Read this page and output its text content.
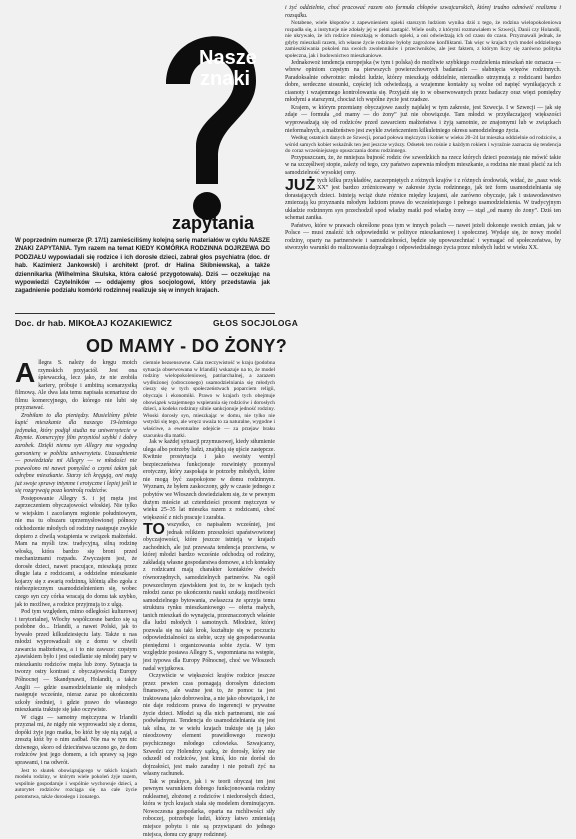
Nasze znaki
zapytania

W poprzednim numerze (P. 17/1) zamieściliśmy kolejną serię materiałów w cyklu NASZE ZNAKI ZAPYTANIA. Tym razem na temat KIEDY KOMÓRKA RODZINNA DOJRZEWA DO PODZIAŁU wypowiadali się rodzice i ich dorosłe dzieci, zabrał głos psychiatra (doc. dr hab. Kazimierz Jankowski) i architekt (prof. dr Halina Skibniewska), a także dziennikarka (Wilhelmina Skulska, która całość przygotowała). Dziś — oczekując na wypowiedzi Czytelników — oddajemy głos socjologowi, który przedstawia jak zagadnienie podziału komórki rodzinnej realizuje się w innych krajach.

Doc. dr hab. MIKOŁAJ KOZAKIEWICZ	GŁOS SOCJOLOGA
OD MAMY - DO ŻONY?

Allegra S. należy do kręgu moich rzymskich przyjaciół. Jest ona śpiewaczką, lecz jako, że nie zrobiła kariery, próbuje i ambitną scenarzystką filmową. Ale dwa lata temu napisała scenariusz do filmu komercyjnego, do którego nie lubi się przyznawać.

Zrobiłam to dla pieniędzy. Musieliśmy pilnie kupić mieszkanie dla naszego 19-letniego jedynaka, który podjął studia na uniwersytecie w Rzymie. Komercyjny film przyniósł szybki i dobry zarobek. Dzięki niemu syn Allegry ma wygodną garsonierę w pobliżu uniwersytetu. Uzasadnienie — powiedziała mi Allegry — w młodości nie pozwolono mi nawet pomyśleć o czymś takim jak odrębne mieszkanie. Starzy ich kręgują, oni mają już swoje sprawy intymne i erotyczne i lepiej jeśli te się rozgrywają poza kontrolą rodziców.

Postępowanie Allegry S. i jej męża jest zaprzeczeniem obyczajowości włoskiej. Nie tylko w wiejskim i zacofanym regionie południowym, nie ma tu obszaru uprzemysłowionej północy odchodzenie młodych od rodziny następuje zwykle dopiero z chwilą wstąpienia w związek małżeński. Mam na myśli tzw. tradycyjną, silną rodzinę włoską, która bardzo się broni przed mechanizmami rozpadu. Zwyczajem jest, że dorosłe dzieci, nawet pracujące, mieszkają przez długie lata z rodzicami, a oddzielne mieszkanie kojarzy się z awarią rodzinną, kłótnią albo zgoła z niebezpiecznym usamodzielnieniem się, wobec czego syn czy córka wracają do domu tak szybko, jak to możliwe, a rodzice przyjmują to z ulgą.

Pod tym względem, mimo odległości kulturowej i terytorialnej, Włochy współczesne bardzo się są podobne do... Irlandii, a nawet Polski, jak to bywało przed kilkudziesięciu laty. Także u nas młodzi wyprowadzali się z domu w chwili zawarcia małżeństwa, a i to nie zawsze: częstym zjawiskiem było i jest osiedlanie się młodej pary w mieszkaniu rodziców męża lub żony. Sytuacja ta tworzy ostry kontrast z obyczajowością Europy Północnej — Skandynawii, Holandii, a także Anglii — gdzie usamodzielnianie się młodych następuje wcześnie, nieraz zaraz po ukończeniu szkoły średniej, i gdzie prawo do własnego mieszkania traktuje się jako oczywiste.

W ciągu — samotny mężczyzna w Irlandii przyznał mi, że nigdy nie wyprowadzi się z domu, dopóki żyje jego matka, bo któż by się nią zajął, a zresztą któż by o nim zadbał. Nie ma w tym nic dziwnego, skoro od dzieciństwa uczono go, że dom rodziców jest jego domem, a ich sprawy są jego sprawami, i na odwrót.

Jest to skutek obowiązującego w takich krajach modelu rodziny, w którym wiele pokoleń żyje razem, wspólnie gospodaruje i wspólnie wychowuje dzieci, a autorytet rodziców rozciąga się na całe życie potomstwa, także dorosłego i żonatego.

ciemnie bezsensowne. Cała rzeczywistość w kraju (podobna sytuacja obserwowana w Irlandii) wskazuje na to, że model rodziny wielopokoleniowej, patriarchalnej, a zarazem wydłużonej (odroczonego) usamodzielniania się młodych cieszy się w tych społeczeństwach poparciem religii, obyczaju i ekonomiki. Prawo w krajach tych obejmuje obowiązek wzajemnego wspierania się rodziców i dorosłych dzieci, a kodeks rodzinny silnie sankcjonuje jedność rodziny. Włoski dorosły syn, mieszkając w domu, nie tylko nie wstydzi się tego, ale wręcz uważa to za naturalne, wygodne i właściwe, a ewentualne odejście — za przejaw braku szacunku dla matki.

Jak w każdej sytuacji przymusowej, kiedy stłumienie ulega albo potrzeby ludzi, znajdują się ujście zastępcze. Kwitnie prostytucja i jako swoisty wentyl bezpieczeństwa funkcjonuje rozwinięty przemysł erotyczny, który zaspokaja te potrzeby młodych, które nie mogą być zaspokojone w domu rodzinnym. Wyznam, że byłem zaskoczony, gdy w czasie jednego z pobytów we Włoszech dowiedziałem się, że w pewnym dużym mieście aż czterdzieści procent mężczyzn w wieku 25–35 lat mieszka razem z rodzicami, choć większość z nich pracuje i zarabia.

TO wszystko, co napisałem wcześniej, jest jednak reliktem przeszłości upaństwowionej obyczajowości, które jeszcze istnieją w krajach zachodnich, ale już przeważa tendencja przeciwna, w której młodzi bardzo wcześnie odchodzą od rodziny, zakładają własne gospodarstwa domowe, a ich kontakty z rodzicami mają charakter kontaktów dwóch równorzędnych, samodzielnych partnerów. Na ogół powszechnym zjawiskiem jest to, że w krajach tych młodzi zaraz po ukończeniu nauki szukają możliwości samodzielnego bytowania, zwłaszcza że sprzyja temu struktura rynku mieszkaniowego — oferta małych, tanich mieszkań do wynajęcia, przeznaczonych właśnie dla ludzi młodych i samotnych. Młodzież, której pozwala się na taki krok, kształtuje się w poczuciu odpowiedzialności za siebie, uczy się gospodarowania pieniędzmi i organizowania sobie życia. W tym względzie postawa Allegry S., wspomniana na wstępie, jest typowa dla Europy Północnej, choć we Włoszech nadal wyjątkowa.

Oczywiście w większości krajów rodzice jeszcze przez pewien czas pomagają dorosłym dzieciom finansowo, ale ważne jest to, że pomoc ta jest traktowana jako dobrowolna, a nie jako obowiązek, i że nie daje rodzicom prawa do ingerencji w prywatne życie dzieci. Młodzi są dla nich partnerami, nie zaś podwładnymi. Tendencja do usamodzielniania się jest tak silna, że w wielu krajach traktuje się ją jako nieodzowny element prawidłowego rozwoju psychicznego młodego człowieka. Szwajcarzy, Szwedzi czy Holendrzy sądzą, że dorosły, który nie odszedł od rodziców, jest kimś, kto nie dorósł do dojrzałości, jest mało zaradny i nie potrafi żyć na własny rachunek.

Tak w praktyce, jak i w teorii obyczaj ten jest pewnym warunkiem dobrego funkcjonowania rodziny nuklearnej, złożonej z rodziców i niedorosłych dzieci, która w tych krajach stała się modelem dominującym. Nowoczesna gospodarka, oparta na ruchliwości siły roboczej, potrzebuje ludzi, którzy łatwo zmieniają miejsce pobytu i nie są przywiązani do jednego miejsca, domu czy grupy rodzinnej.

i żyć oddzielnie, choć pracować razem oto formuła chłopów szwajcarskich, której trudno odmówić realizmu i rozsądku.

Notabene, wiele kłopotów z zapewnieniem opieki starszym ludziom wynika dziś z tego, że rodzina wielopokoleniowa rozpadła się, a instytucje nie zdołały jej w pełni zastąpić. Wiele osób, z którymi rozmawiałem w Szwecji, Danii czy Holandii, nie ukrywało, że ich rodzice mieszkają w domach opieki, a oni odwiedzają ich od czasu do czasu. Przyznawali jednak, że gdyby mieszkali razem, ich własne życie rodzinne byłoby zagrożone konfliktami. Tak więc w krajach tych model oddzielnego zamieszkiwania pokoleń ma swoich zwolenników i przeciwników, ale jest faktem, z którym liczy się zarówno polityka społeczna, jak i budownictwo mieszkaniowe.

Jednakowoż tendencja europejska (w tym i polska) do możliwie szybkiego rozdzielenia mieszkań nie oznacza — wbrew opiniom częstym na pierwszych powierzchownych badaniach — słabnięcia więzów rodzinnych. Paradoksalnie odwrotnie: młodzi ludzie, którzy mieszkają oddzielnie, nierzadko utrzymują z rodzicami bardzo dobre, serdeczne stosunki, częściej ich odwiedzają, a wzajemne kontakty są wolne od napięć wynikających z ciasnoty i wzajemnego kontrolowania się. Przyjaźń się to w obserwowanych przez badaczy oraz więzi pomiędzy młodymi a starszymi, chociaż ich wspólne życie jest rzadsze.

Krajem, w którym przemiany obyczajowe zaszły najdalej w tym zakresie, jest Szwecja. I w Szwecji — jak się zdaje — formuła „od mamy — do żony” już nie obowiązuje. Tam młodzi w przytłaczającej większości wyprowadzają się od rodziców przed zawarciem małżeństwa i żyją samotnie, ze znajomymi lub w związkach nieformalnych, a małżeństwo jest zwykle zwieńczeniem kilkuletniego okresu samodzielnego życia.

Według ostatnich danych ze Szwecji, ponad połowa mężczyzn i kobiet w wieku 20–24 lat mieszka oddzielnie od rodziców, a wśród samych kobiet wskaźnik ten jest jeszcze wyższy. Odsetek ten rośnie z każdym rokiem i wyraźnie zaznacza się tendencja do coraz wcześniejszego opuszczania domu rodzinnego.

Przypuszczam, że, że mniejsza bujność rodzic ów szwedzkich na rzecz których dzieci pozostają nie mówić takie w na szczęśliwej stopie, zależy od tego, czy państwo zapewnia młodym mieszkanie, a rodzina nie musi płacić za ich samodzielność wysokiej ceny.

JUŻ tych kilku przykładów, zaczerpniętych z różnych krajów i z różnych środowisk, widać, że „nasz wiek XX” jest bardzo zróżnicowany w zakresie życia rodzinnego, jak też form usamodzielniania się dorastających dzieci. Istnieją wciąż duże różnice między krajami, ale zarówno obyczaje, jak i ustawodawstwo zmierzają ku przyznaniu młodym ludziom prawa do wcześniejszego i pełnego usamodzielnienia. W tradycyjnym układzie rodzinnym syn przechodził spod władzy matki pod władzę żony — stąd „od mamy do żony”. Dziś ten schemat zanika.

Państwo, które w prawach określone poza tym w innych polach — nawet jeżeli dokonuje swoich zmian, jak w Polsce — musi znaleźć ich odpowiedniki w polityce mieszkaniowej i społecznej. Wydaje się, że nowy model rodziny, oparty na partnerstwie i samodzielności, będzie się upowszechniać i wymagać od społeczeństwa, by stworzyło warunki do realizowania dojrzałego i odpowiedzialnego życia przez młodych ludzi w wieku XX.
